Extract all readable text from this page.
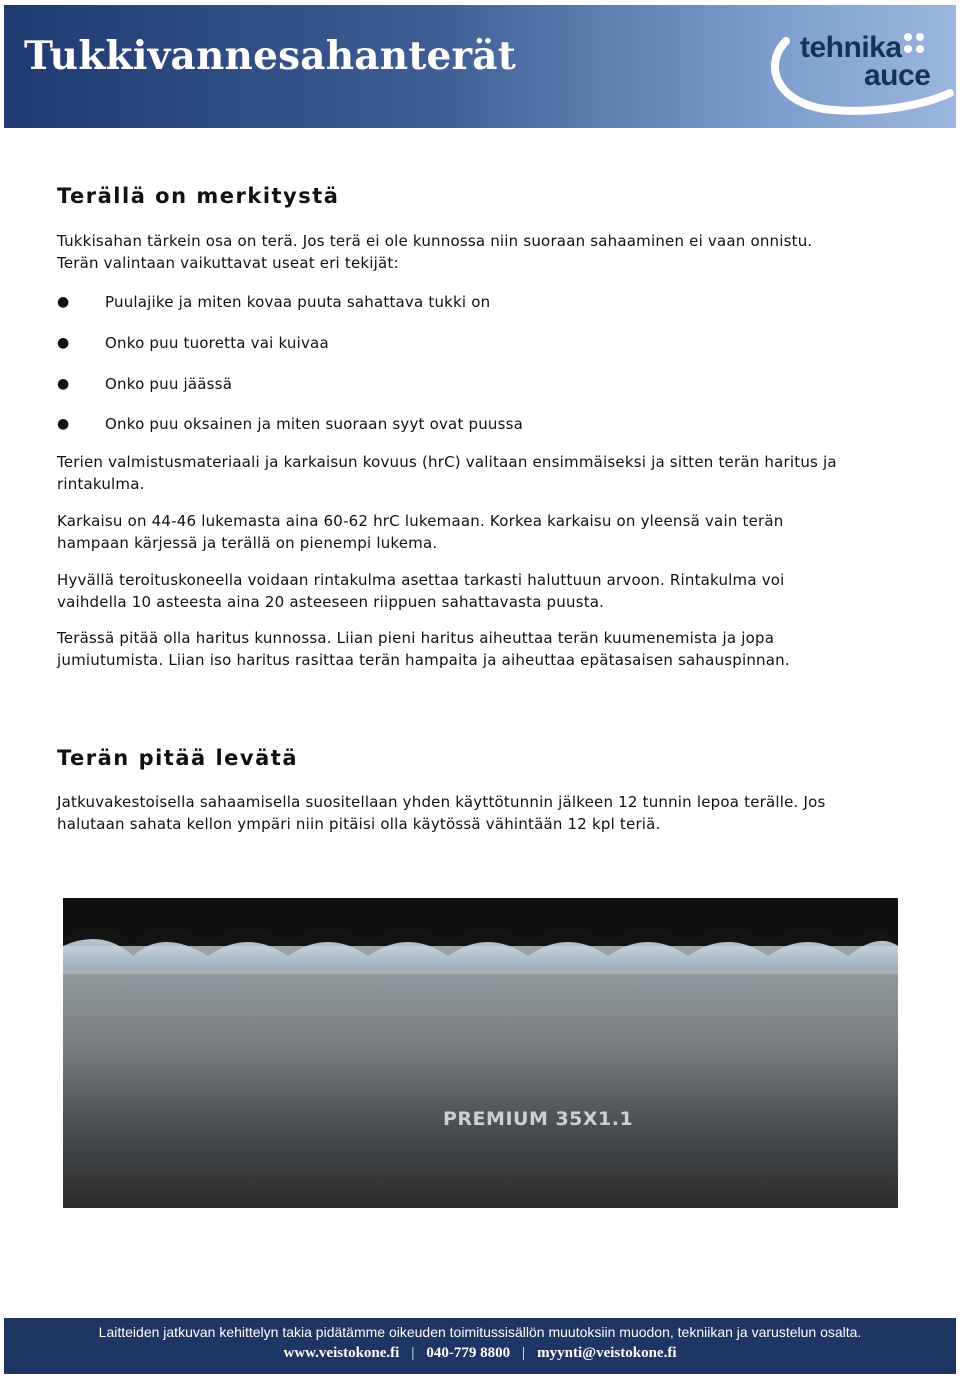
Tukkivannesahanterät	tehnika
auce
Terällä on merkitystä

Tukkisahan tärkein osa on terä. Jos terä ei ole kunnossa niin suoraan sahaaminen ei vaan onnistu. Terän valintaan vaikuttavat useat eri tekijät:

● Puulajike ja miten kovaa puuta sahattava tukki on
● Onko puu tuoretta vai kuivaa
● Onko puu jäässä
● Onko puu oksainen ja miten suoraan syyt ovat puussa

Terien valmistusmateriaali ja karkaisun kovuus (hrC) valitaan ensimmäiseksi ja sitten terän haritus ja rintakulma.

Karkaisu on 44-46 lukemasta aina 60-62 hrC lukemaan. Korkea karkaisu on yleensä vain terän hampaan kärjessä ja terällä on pienempi lukema.

Hyvällä teroituskoneella voidaan rintakulma asettaa tarkasti haluttuun arvoon. Rintakulma voi vaihdella 10 asteesta aina 20 asteeseen riippuen sahattavasta puusta.

Terässä pitää olla haritus kunnossa. Liian pieni haritus aiheuttaa terän kuumenemista ja jopa jumiutumista. Liian iso haritus rasittaa terän hampaita ja aiheuttaa epätasaisen sahauspinnan.

Terän pitää levätä

Jatkuvakestoisella sahaamisella suositellaan yhden käyttötunnin jälkeen 12 tunnin lepoa terälle. Jos halutaan sahata kellon ympäri niin pitäisi olla käytössä vähintään 12 kpl teriä.

PREMIUM 35X1.1
Laitteiden jatkuvan kehittelyn takia pidätämme oikeuden toimitussisällön muutoksiin muodon, tekniikan ja varustelun osalta.
www.veistokone.fi | 040-779 8800 | myynti@veistokone.fi
